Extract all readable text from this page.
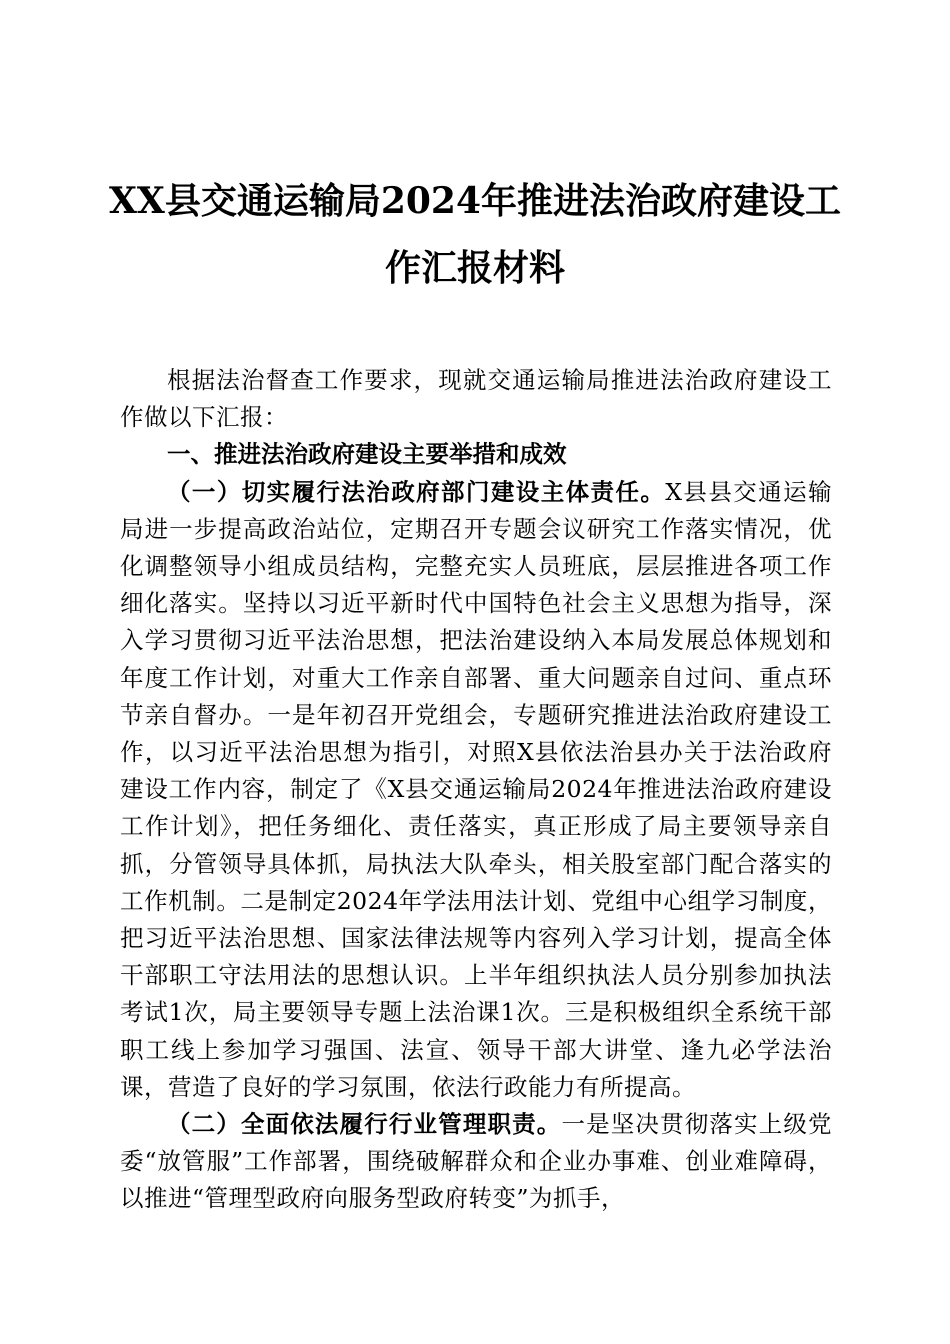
XX县交通运输局2024年推进法治政府建设工
作汇报材料

根据法治督查工作要求，现就交通运输局推进法治政府建设工作做以下汇报：

一、推进法治政府建设主要举措和成效

（一）切实履行法治政府部门建设主体责任。X县县交通运输局进一步提高政治站位，定期召开专题会议研究工作落实情况，优化调整领导小组成员结构，完整充实人员班底，层层推进各项工作细化落实。坚持以习近平新时代中国特色社会主义思想为指导，深入学习贯彻习近平法治思想，把法治建设纳入本局发展总体规划和年度工作计划，对重大工作亲自部署、重大问题亲自过问、重点环节亲自督办。一是年初召开党组会，专题研究推进法治政府建设工作，以习近平法治思想为指引，对照X县依法治县办关于法治政府建设工作内容，制定了《X县交通运输局2024年推进法治政府建设工作计划》，把任务细化、责任落实，真正形成了局主要领导亲自抓，分管领导具体抓，局执法大队牵头，相关股室部门配合落实的工作机制。二是制定2024年学法用法计划、党组中心组学习制度，把习近平法治思想、国家法律法规等内容列入学习计划，提高全体干部职工守法用法的思想认识。上半年组织执法人员分别参加执法考试1次，局主要领导专题上法治课1次。三是积极组织全系统干部职工线上参加学习强国、法宣、领导干部大讲堂、逢九必学法治课，营造了良好的学习氛围，依法行政能力有所提高。

（二）全面依法履行行业管理职责。一是坚决贯彻落实上级党委“放管服”工作部署，围绕破解群众和企业办事难、创业难障碍，以推进“管理型政府向服务型政府转变”为抓手，
